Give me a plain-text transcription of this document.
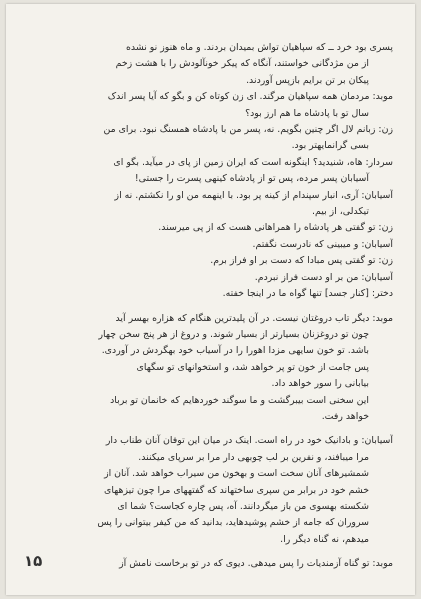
پسری بود خرد ــ که سپاهیان تواش بمیدان بردند. و ماه هنوز نو نشده
از من مژدگانی خواستند، آنگاه که پیکر خونآلودش را با هشت زخم
پیکان بر تن برایم بازپس آوردند.
موبد: مردمان همه سپاهیان مرگند. ای زن کوتاه کن و بگو که آیا پسر اندک
سال تو با پادشاه ما هم ارز بود؟
زن: زبانم لال اگر چنین بگویم. نه، پسر من با پادشاه همسنگ نبود. برای من
بسی گرانمایهتر بود.
سردار: هاه، شنیدید؟ اینگونه است که ایران زمین از پای در میآید. بگو ای
آسیابان پسر مرده، پس تو از پادشاه کینهی پسرت را جستی!
آسیابان: آری، انبار سپندام از کینه پر بود. با اینهمه من او را نکشتم. نه از
تیکدلی، از بیم.
زن: تو گفتی هر پادشاه را همراهانی هست که از پی میرسند.
آسیابان: و میبینی که نادرست نگفتم.
زن: تو گفتی پس مبادا که دست بر او فراز برم.
آسیابان: من بر او دست فراز نبردم.
دختر: [کنار جسد] تنها گواه ما در اینجا خفته.
موبد: دیگر تاب دروغتان نیست. در آن پلیدترین هنگام که هزاره بهسر آید
چون تو دروغزنان بسیارتر از بسیار شوند. و دروغ از هر پنج سخن چهار
باشد. تو خون سایهی مزدا اهورا را در آسیاب خود بهگردش در آوردی.
پس جامت از خون تو پر خواهد شد، و استخوانهای تو سگهای
بیابانی را سور خواهد داد.
این سخنی است بیبرگشت و ما سوگند خوردهایم که خانمان تو برباد
خواهد رفت.
آسیابان: و بادانیک خود در راه است. اینک در میان این توفان آنان طناب دار
مرا میبافند، و نفرین بر لب چوبهی دار مرا بر سرپای میکنند.
شمشیرهای آنان سخت است و بهخون من سیراب خواهد شد. آنان از
خشم خود در برابر من سپری ساختهاند که گفتههای مرا چون تیزههای
شکسته بهسوی من باز میگردانند. آه، پس چاره کجاست؟ شما ای
سروران که جامه از خشم پوشیدهاید، بدانید که من کیفر بیتوانی را پس
میدهم، نه گناه دیگر را.
موبد: تو گناه آزمندیات را پس میدهی. دیوی که در تو برخاست نامش آز
۱۵
